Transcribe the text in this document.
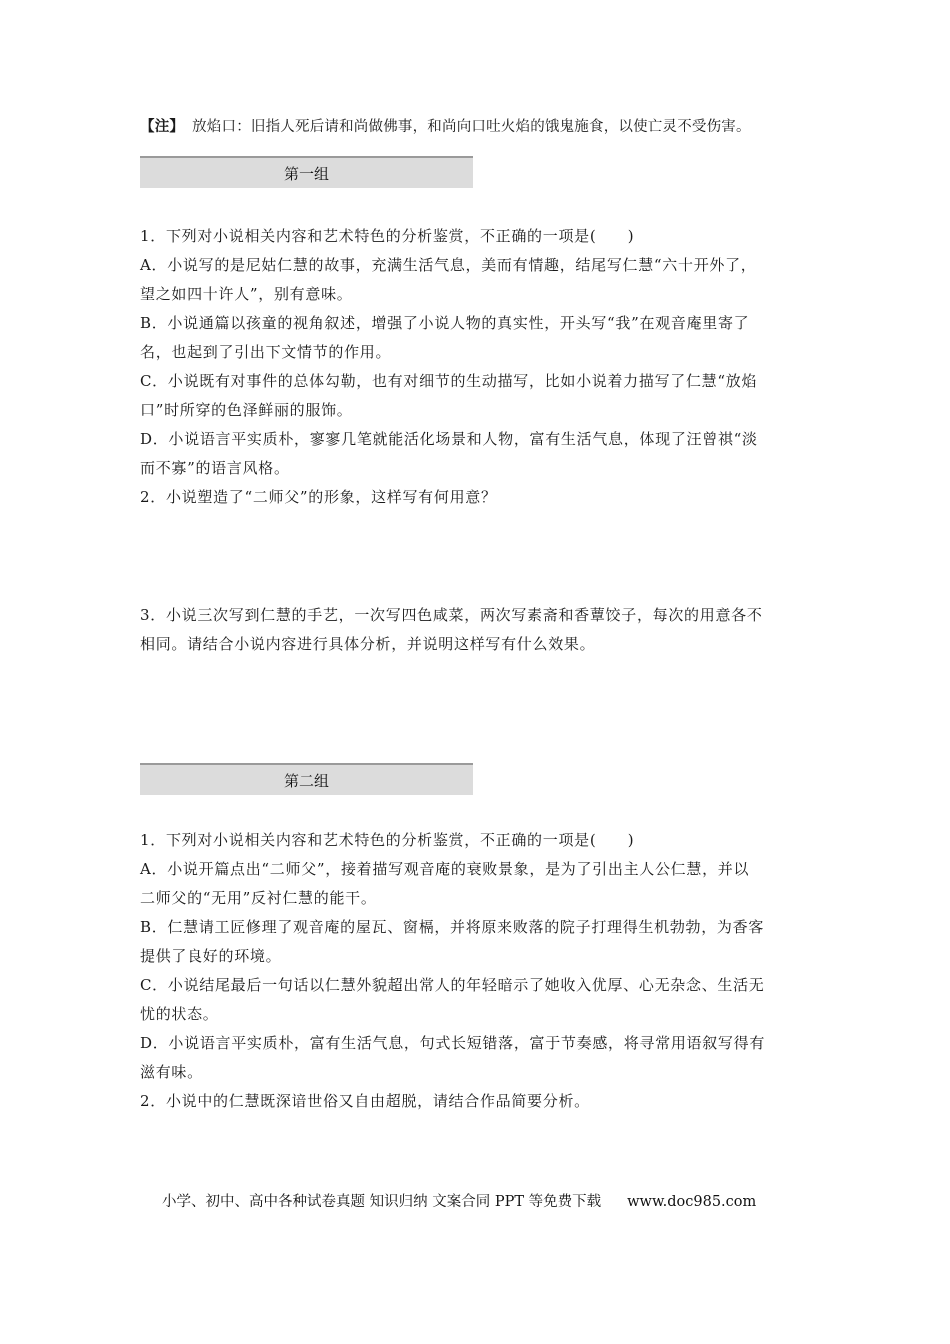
【注】 放焰口：旧指人死后请和尚做佛事，和尚向口吐火焰的饿鬼施食，以使亡灵不受伤害。
第一组
1．下列对小说相关内容和艺术特色的分析鉴赏，不正确的一项是(　　)
A．小说写的是尼姑仁慧的故事，充满生活气息，美而有情趣，结尾写仁慧“六十开外了，
望之如四十许人”，别有意味。
B．小说通篇以孩童的视角叙述，增强了小说人物的真实性，开头写“我”在观音庵里寄了
名，也起到了引出下文情节的作用。
C．小说既有对事件的总体勾勒，也有对细节的生动描写，比如小说着力描写了仁慧“放焰
口”时所穿的色泽鲜丽的服饰。
D．小说语言平实质朴，寥寥几笔就能活化场景和人物，富有生活气息，体现了汪曾祺“淡
而不寡”的语言风格。
2．小说塑造了“二师父”的形象，这样写有何用意？
3．小说三次写到仁慧的手艺，一次写四色咸菜，两次写素斋和香蕈饺子，每次的用意各不
相同。请结合小说内容进行具体分析，并说明这样写有什么效果。
第二组
1．下列对小说相关内容和艺术特色的分析鉴赏，不正确的一项是(　　)
A．小说开篇点出“二师父”，接着描写观音庵的衰败景象，是为了引出主人公仁慧，并以
二师父的“无用”反衬仁慧的能干。
B．仁慧请工匠修理了观音庵的屋瓦、窗槅，并将原来败落的院子打理得生机勃勃，为香客
提供了良好的环境。
C．小说结尾最后一句话以仁慧外貌超出常人的年轻暗示了她收入优厚、心无杂念、生活无
忧的状态。
D．小说语言平实质朴，富有生活气息，句式长短错落，富于节奏感，将寻常用语叙写得有
滋有味。
2．小说中的仁慧既深谙世俗又自由超脱，请结合作品简要分析。
小学、初中、高中各种试卷真题 知识归纳 文案合同 PPT 等免费下载 www.doc985.com
